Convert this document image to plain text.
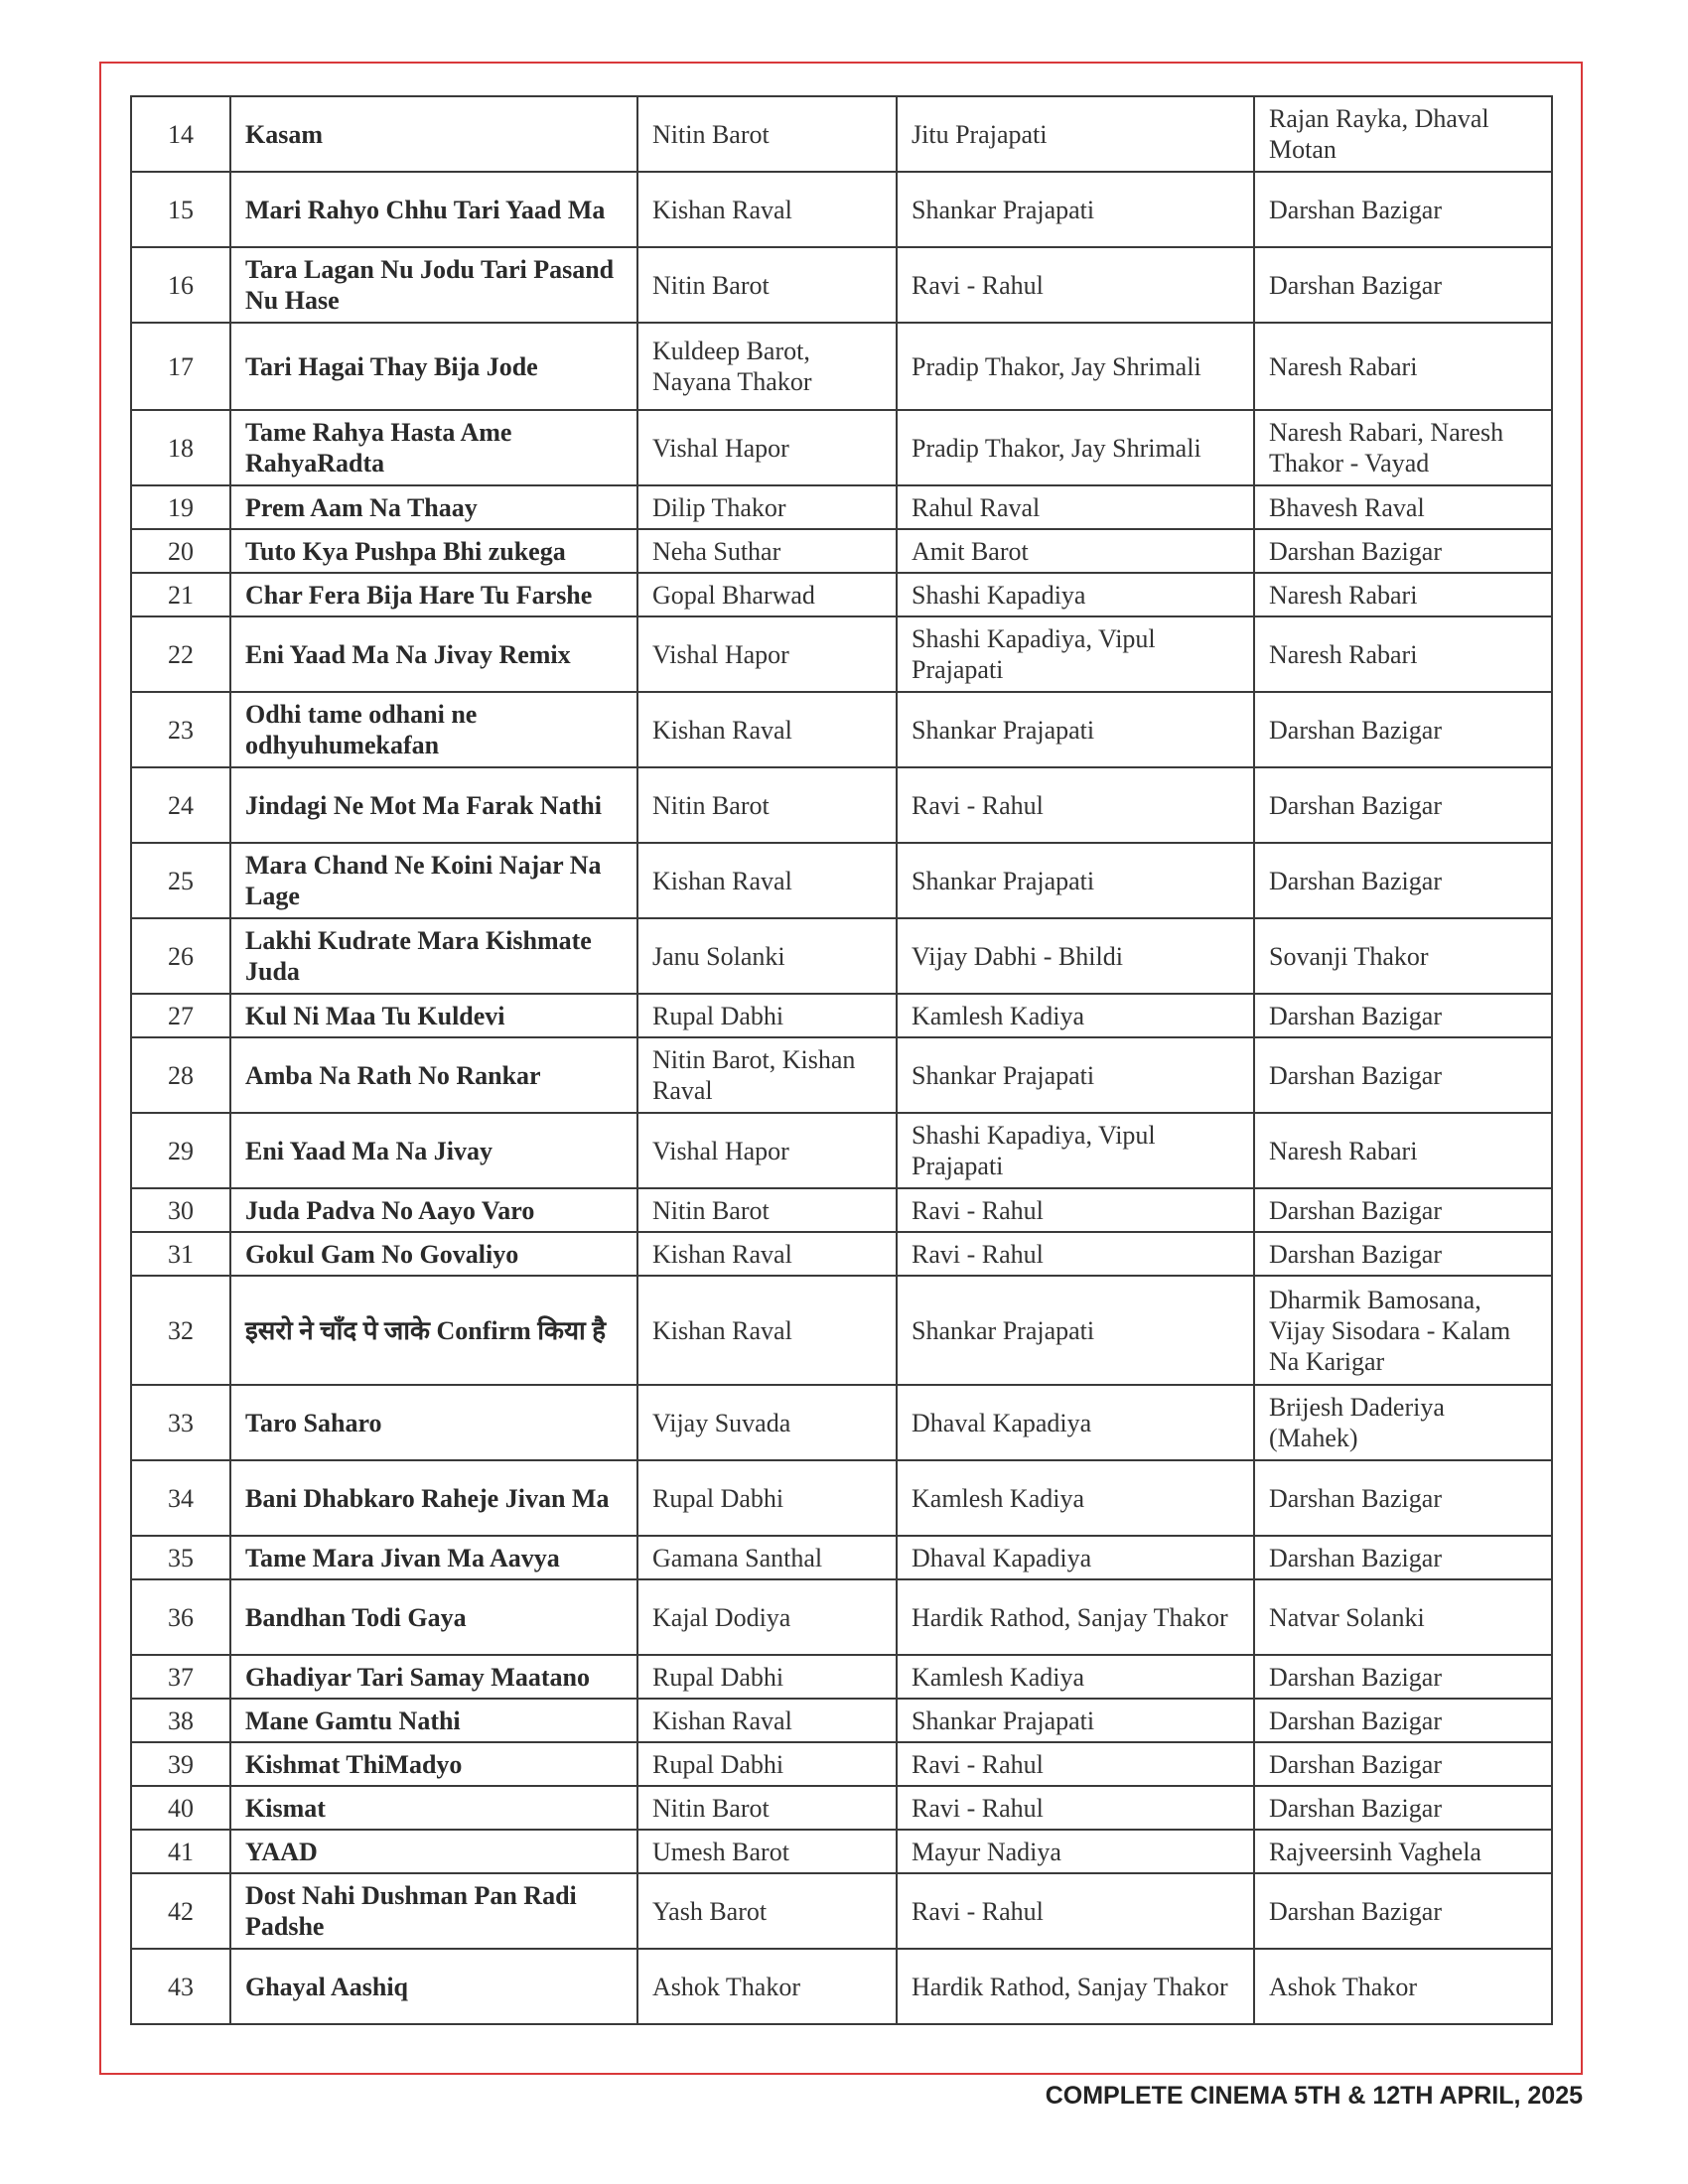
14	Kasam	Nitin Barot	Jitu Prajapati	Rajan Rayka, Dhaval Motan
15	Mari Rahyo Chhu Tari Yaad Ma	Kishan Raval	Shankar Prajapati	Darshan Bazigar
16	Tara Lagan Nu Jodu Tari Pasand Nu Hase	Nitin Barot	Ravi - Rahul	Darshan Bazigar
17	Tari Hagai Thay Bija Jode	Kuldeep Barot, Nayana Thakor	Pradip Thakor, Jay Shrimali	Naresh Rabari
18	Tame Rahya Hasta Ame RahyaRadta	Vishal Hapor	Pradip Thakor, Jay Shrimali	Naresh Rabari, Naresh Thakor - Vayad
19	Prem Aam Na Thaay	Dilip Thakor	Rahul Raval	Bhavesh Raval
20	Tuto Kya Pushpa Bhi zukega	Neha Suthar	Amit Barot	Darshan Bazigar
21	Char Fera Bija Hare Tu Farshe	Gopal Bharwad	Shashi Kapadiya	Naresh Rabari
22	Eni Yaad Ma Na Jivay Remix	Vishal Hapor	Shashi Kapadiya, Vipul Prajapati	Naresh Rabari
23	Odhi tame odhani ne odhyuhumekafan	Kishan Raval	Shankar Prajapati	Darshan Bazigar
24	Jindagi Ne Mot Ma Farak Nathi	Nitin Barot	Ravi - Rahul	Darshan Bazigar
25	Mara Chand Ne Koini Najar Na Lage	Kishan Raval	Shankar Prajapati	Darshan Bazigar
26	Lakhi Kudrate Mara Kishmate Juda	Janu Solanki	Vijay Dabhi - Bhildi	Sovanji Thakor
27	Kul Ni Maa Tu Kuldevi	Rupal Dabhi	Kamlesh Kadiya	Darshan Bazigar
28	Amba Na Rath No Rankar	Nitin Barot, Kishan Raval	Shankar Prajapati	Darshan Bazigar
29	Eni Yaad Ma Na Jivay	Vishal Hapor	Shashi Kapadiya, Vipul Prajapati	Naresh Rabari
30	Juda Padva No Aayo Varo	Nitin Barot	Ravi - Rahul	Darshan Bazigar
31	Gokul Gam No Govaliyo	Kishan Raval	Ravi - Rahul	Darshan Bazigar
32	इसरो ने चाँद पे जाके Confirm किया है	Kishan Raval	Shankar Prajapati	Dharmik Bamosana, Vijay Sisodara - Kalam Na Karigar
33	Taro Saharo	Vijay Suvada	Dhaval Kapadiya	Brijesh Daderiya (Mahek)
34	Bani Dhabkaro Raheje Jivan Ma	Rupal Dabhi	Kamlesh Kadiya	Darshan Bazigar
35	Tame Mara Jivan Ma Aavya	Gamana Santhal	Dhaval Kapadiya	Darshan Bazigar
36	Bandhan Todi Gaya	Kajal Dodiya	Hardik Rathod, Sanjay Thakor	Natvar Solanki
37	Ghadiyar Tari Samay Maatano	Rupal Dabhi	Kamlesh Kadiya	Darshan Bazigar
38	Mane Gamtu Nathi	Kishan Raval	Shankar Prajapati	Darshan Bazigar
39	Kishmat ThiMadyo	Rupal Dabhi	Ravi - Rahul	Darshan Bazigar
40	Kismat	Nitin Barot	Ravi - Rahul	Darshan Bazigar
41	YAAD	Umesh Barot	Mayur Nadiya	Rajveersinh Vaghela
42	Dost Nahi Dushman Pan Radi Padshe	Yash Barot	Ravi - Rahul	Darshan Bazigar
43	Ghayal Aashiq	Ashok Thakor	Hardik Rathod, Sanjay Thakor	Ashok Thakor
COMPLETE CINEMA 5TH & 12TH APRIL, 2025
